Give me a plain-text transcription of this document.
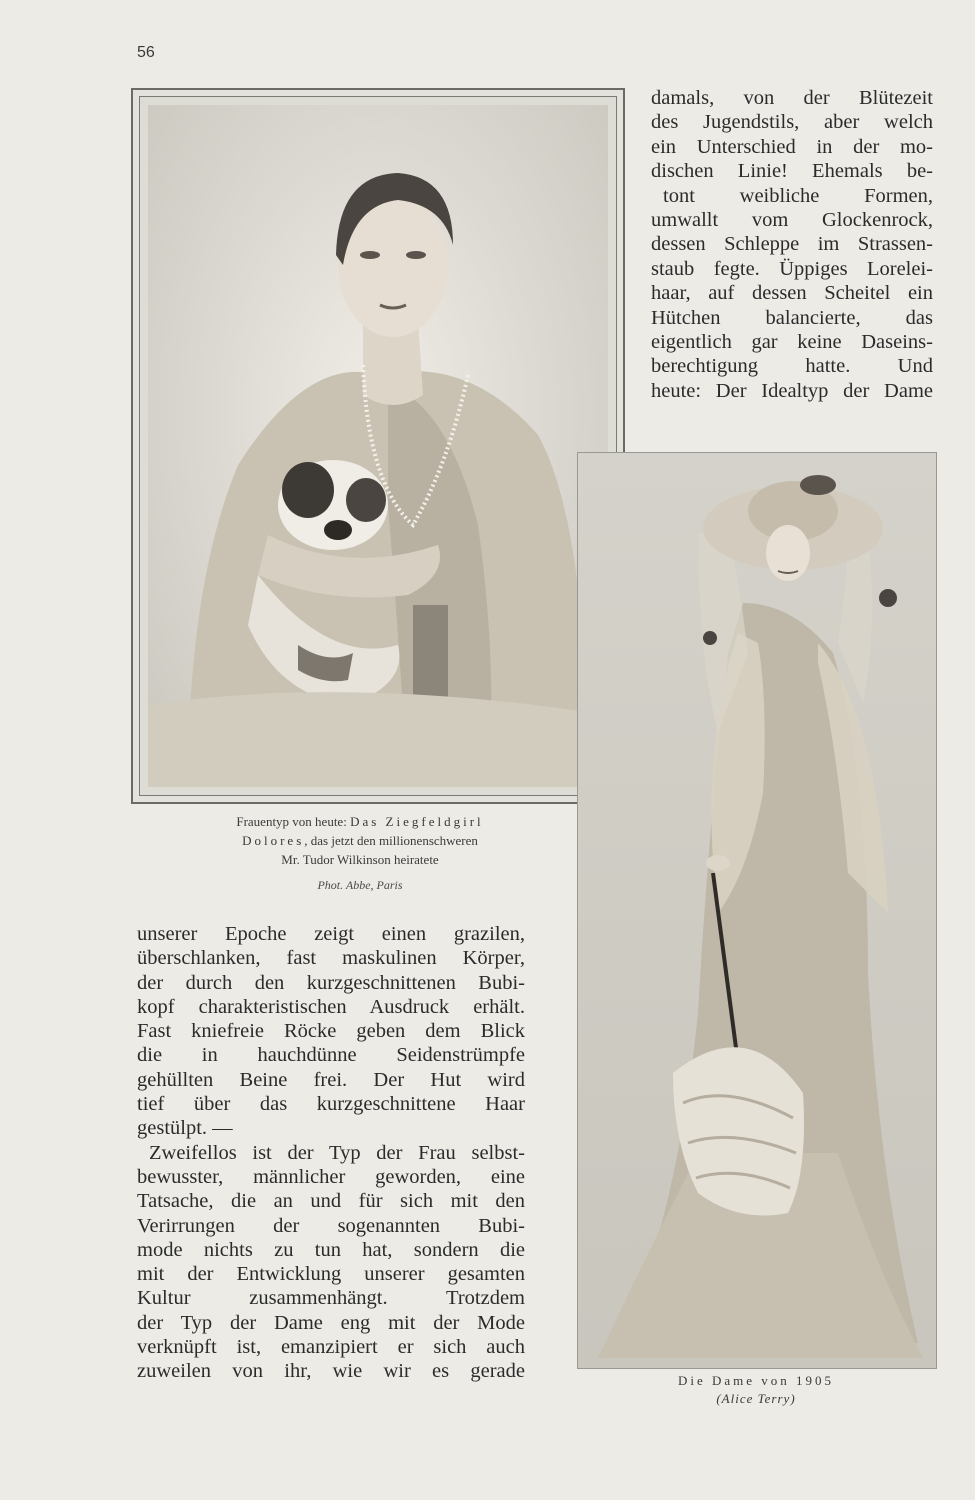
56
Frauentyp von heute: Das Ziegfeldgirl
Dolores, das jetzt den millionenschweren
Mr. Tudor Wilkinson heiratete
Phot. Abbe, Paris
Die Dame von 1905
(Alice Terry)
damals, von der Blütezeit
des Jugendstils, aber welch
ein Unterschied in der mo-
dischen Linie! Ehemals be-
tont weibliche Formen,
umwallt vom Glockenrock,
dessen Schleppe im Strassen-
staub fegte. Üppiges Lorelei-
haar, auf dessen Scheitel ein
Hütchen balancierte, das
eigentlich gar keine Daseins-
berechtigung hatte. Und
heute: Der Idealtyp der Dame
unserer Epoche zeigt einen grazilen,
überschlanken, fast maskulinen Körper,
der durch den kurzgeschnittenen Bubi-
kopf charakteristischen Ausdruck erhält.
Fast kniefreie Röcke geben dem Blick
die in hauchdünne Seidenstrümpfe
gehüllten Beine frei. Der Hut wird
tief über das kurzgeschnittene Haar
gestülpt. —
Zweifellos ist der Typ der Frau selbst-
bewusster, männlicher geworden, eine
Tatsache, die an und für sich mit den
Verirrungen der sogenannten Bubi-
mode nichts zu tun hat, sondern die
mit der Entwicklung unserer gesamten
Kultur zusammenhängt. Trotzdem
der Typ der Dame eng mit der Mode
verknüpft ist, emanzipiert er sich auch
zuweilen von ihr, wie wir es gerade
